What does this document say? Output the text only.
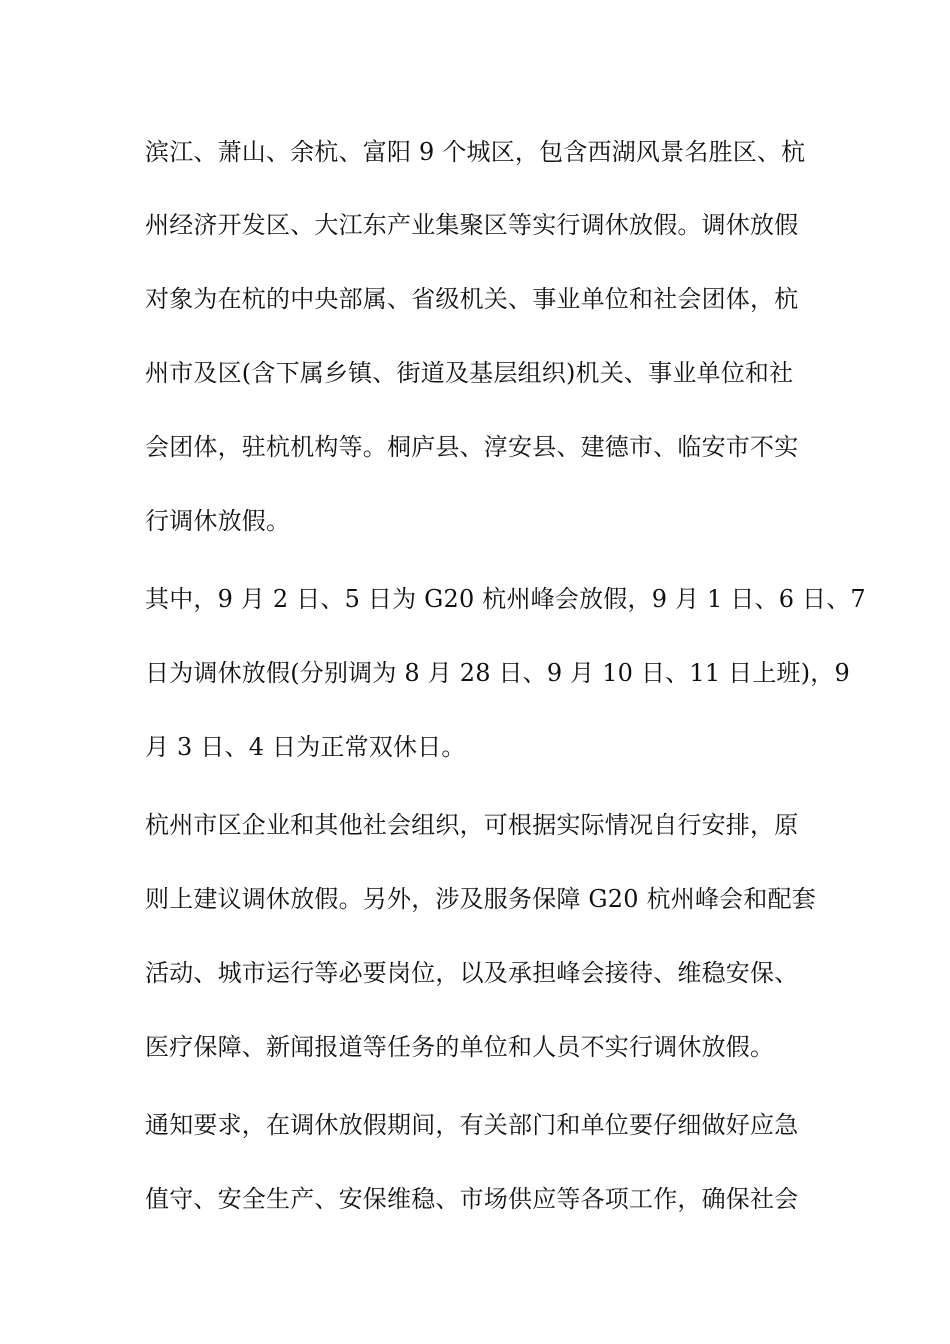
滨江、萧山、余杭、富阳 9 个城区，包含西湖风景名胜区、杭
州经济开发区、大江东产业集聚区等实行调休放假。调休放假
对象为在杭的中央部属、省级机关、事业单位和社会团体，杭
州市及区(含下属乡镇、街道及基层组织)机关、事业单位和社
会团体，驻杭机构等。桐庐县、淳安县、建德市、临安市不实
行调休放假。
其中，9 月 2 日、5 日为 G20 杭州峰会放假，9 月 1 日、6 日、7
日为调休放假(分别调为 8 月 28 日、9 月 10 日、11 日上班)，9
月 3 日、4 日为正常双休日。
杭州市区企业和其他社会组织，可根据实际情况自行安排，原
则上建议调休放假。另外，涉及服务保障 G20 杭州峰会和配套
活动、城市运行等必要岗位，以及承担峰会接待、维稳安保、
医疗保障、新闻报道等任务的单位和人员不实行调休放假。
通知要求，在调休放假期间，有关部门和单位要仔细做好应急
值守、安全生产、安保维稳、市场供应等各项工作，确保社会
